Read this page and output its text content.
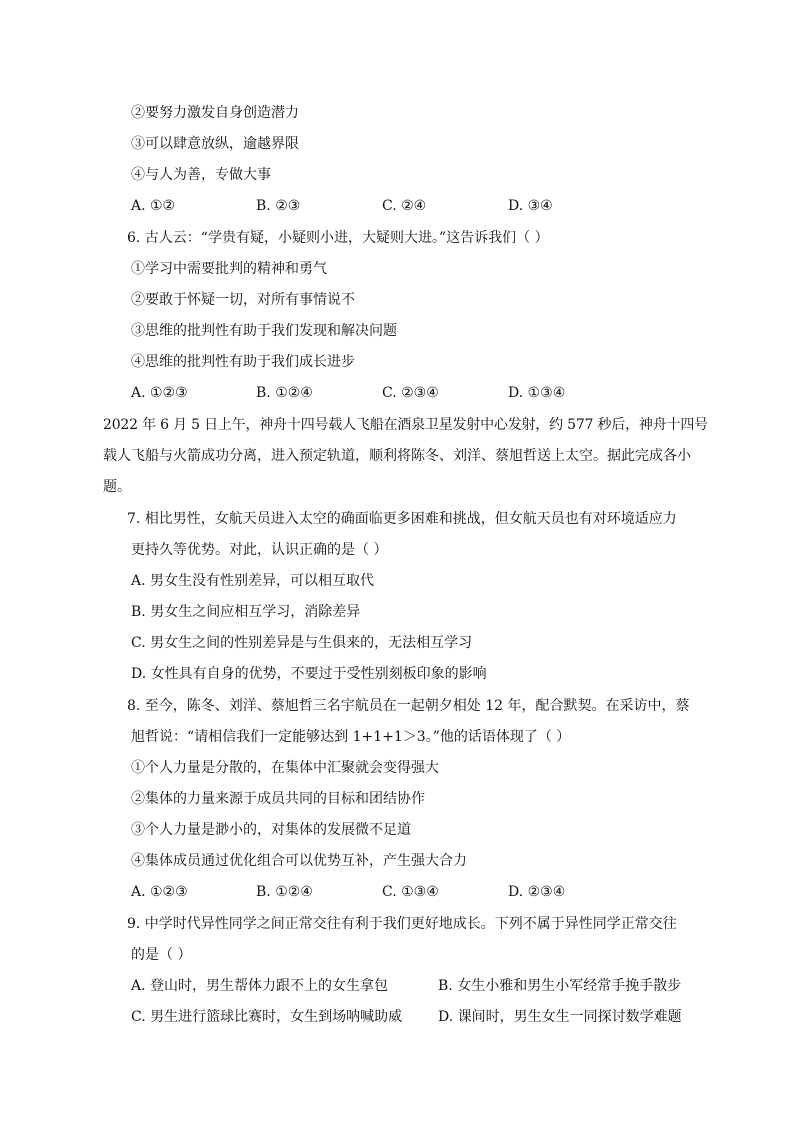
②要努力激发自身创造潜力
③可以肆意放纵，逾越界限
④与人为善，专做大事
A. ①②	B. ②③	C. ②④	D. ③④
6. 古人云：“学贵有疑，小疑则小进，大疑则大进。”这告诉我们（ ）
①学习中需要批判的精神和勇气
②要敢于怀疑一切，对所有事情说不
③思维的批判性有助于我们发现和解决问题
④思维的批判性有助于我们成长进步
A. ①②③	B. ①②④	C. ②③④	D. ①③④
2022 年 6 月 5 日上午，神舟十四号载人飞船在酒泉卫星发射中心发射，约 577 秒后，神舟十四号
载人飞船与火箭成功分离，进入预定轨道，顺利将陈冬、刘洋、蔡旭哲送上太空。据此完成各小
题。
7. 相比男性，女航天员进入太空的确面临更多困难和挑战，但女航天员也有对环境适应力
更持久等优势。对此，认识正确的是（ ）
A. 男女生没有性别差异，可以相互取代
B. 男女生之间应相互学习，消除差异
C. 男女生之间的性别差异是与生俱来的，无法相互学习
D. 女性具有自身的优势，不要过于受性别刻板印象的影响
8. 至今，陈冬、刘洋、蔡旭哲三名宇航员在一起朝夕相处 12 年，配合默契。在采访中，蔡
旭哲说：“请相信我们一定能够达到 1+1+1＞3。”他的话语体现了（ ）
①个人力量是分散的，在集体中汇聚就会变得强大
②集体的力量来源于成员共同的目标和团结协作
③个人力量是渺小的，对集体的发展微不足道
④集体成员通过优化组合可以优势互补，产生强大合力
A. ①②③	B. ①②④	C. ①③④	D. ②③④
9. 中学时代异性同学之间正常交往有利于我们更好地成长。下列不属于异性同学正常交往
的是（ ）
A. 登山时，男生帮体力跟不上的女生拿包	B. 女生小雅和男生小军经常手挽手散步
C. 男生进行篮球比赛时，女生到场呐喊助威	D. 课间时，男生女生一同探讨数学难题
